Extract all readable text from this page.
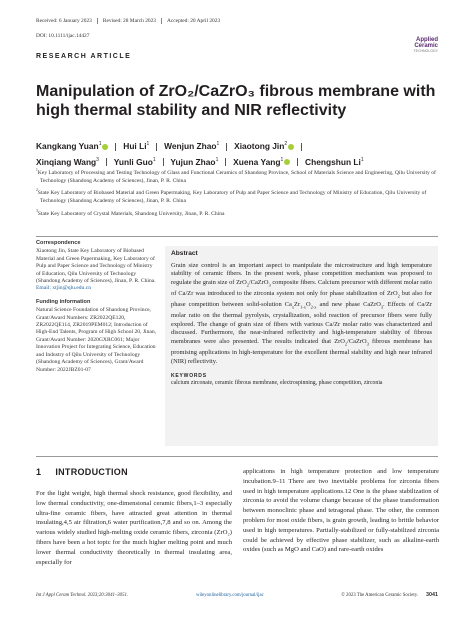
Received: 6 January 2023 Revised: 28 March 2023 Accepted: 20 April 2023
DOI: 10.1111/ijac.14427
Applied
Ceramic
TECHNOLOGY
RESEARCH ARTICLE
Manipulation of ZrO₂/CaZrO₃ fibrous membrane with high thermal stability and NIR reflectivity
Kangkang Yuan$^1$	Hui Li$^1$ Wenjun Zhao$^1$ Xiaotong Jin$^2$
Xinqiang Wang$^3$ Yunli Guo$^1$ Yujun Zhao$^1$ Xuena Yang$^1$	Chengshun Li$^1$

$^1$Key Laboratory of Processing and Testing Technology of Glass and Functional Ceramics of Shandong Province, School of Materials Science and Engineering, Qilu University of Technology (Shandong Academy of Sciences), Jinan, P. R. China

$^2$State Key Laboratory of Biobased Material and Green Papermaking, Key Laboratory of Pulp and Paper Science and Technology of Ministry of Education, Qilu University of Technology (Shandong Academy of Sciences), Jinan, P. R. China

$^3$State Key Laboratory of Crystal Materials, Shandong University, Jinan, P. R. China

Correspondence
Xiaotong Jin, State Key Laboratory of Biobased Material and Green Papermaking, Key Laboratory of Pulp and Paper Science and Technology of Ministry of Education, Qilu University of Technology (Shandong Academy of Sciences), Jinan, P. R. China.
Email: xtjin@qlu.edu.cn
Funding information
Natural Science Foundation of Shandong Province, Grant/Award Numbers: ZR2022QE120, ZR2022QE114, ZR2019PEM012; Introduction of High-End Talents, Program of High School 20, Jinan, Grant/Award Number: 2020GXRC061; Major Innovation Project for Integrating Science, Education and Industry of Qilu University of Technology (Shandong Academy of Sciences), Grant/Award Number: 2022JBZ01-07
Abstract
Grain size control is an important aspect to manipulate the microstructure and high temperature stability of ceramic fibers. In the present work, phase competition mechanism was proposed to regulate the grain size of ZrO$_2$/CaZrO$_3$ composite fibers. Calcium precursor with different molar ratio of Ca/Zr was introduced to the zirconia system not only for phase stabilization of ZrO$_2$ but also for phase competition between solid-solution $Ca_xZr_{1-x}O_{2-x}$ and new phase CaZrO$_3$. Effects of Ca/Zr molar ratio on the thermal pyrolysis, crystallization, solid reaction of precursor fibers were fully explored. The change of grain size of fibers with various Ca/Zr molar ratio was characterized and discussed. Furthermore, the near-infrared reflectivity and high-temperature stability of fibrous membranes were also presented. The results indicated that ZrO$_2$/CaZrO$_3$ fibrous membrane has promising applications in high-temperature for the excellent thermal stability and high near infrared (NIR) reflectivity.
KEYWORDS
calcium zirconate, ceramic fibrous membrane, electrospinning, phase competition, zirconia
1 INTRODUCTION
For the light weight, high thermal shock resistance, good flexibility, and low thermal conductivity, one-dimensional ceramic fibers,1–3 especially ultra-fine ceramic fibers, have attracted great attention in thermal insulating,4,5 air filtration,6 water purification,7,8 and so on. Among the various widely studied high-melting oxide ceramic fibers, zirconia (ZrO₂) fibers have been a hot topic for the much higher melting point and much lower thermal conductivity theoretically in thermal insulating area, especially for
applications in high temperature protection and low temperature incubation.9–11 There are two inevitable problems for zirconia fibers used in high temperature applications.12 One is the phase stabilization of zirconia to avoid the volume change because of the phase transformation between monoclinic phase and tetragonal phase. The other, the common problem for most oxide fibers, is grain growth, leading to brittle behavior used in high temperatures. Partially-stabilized or fully-stabilized zirconia could be achieved by effective phase stabilizer, such as alkaline-earth oxides (such as MgO and CaO) and rare-earth oxides
Int J Appl Ceram Technol. 2023;20:3041–3051.	wileyonlinelibrary.com/journal/ijac	© 2023 The American Ceramic Society. 3041
